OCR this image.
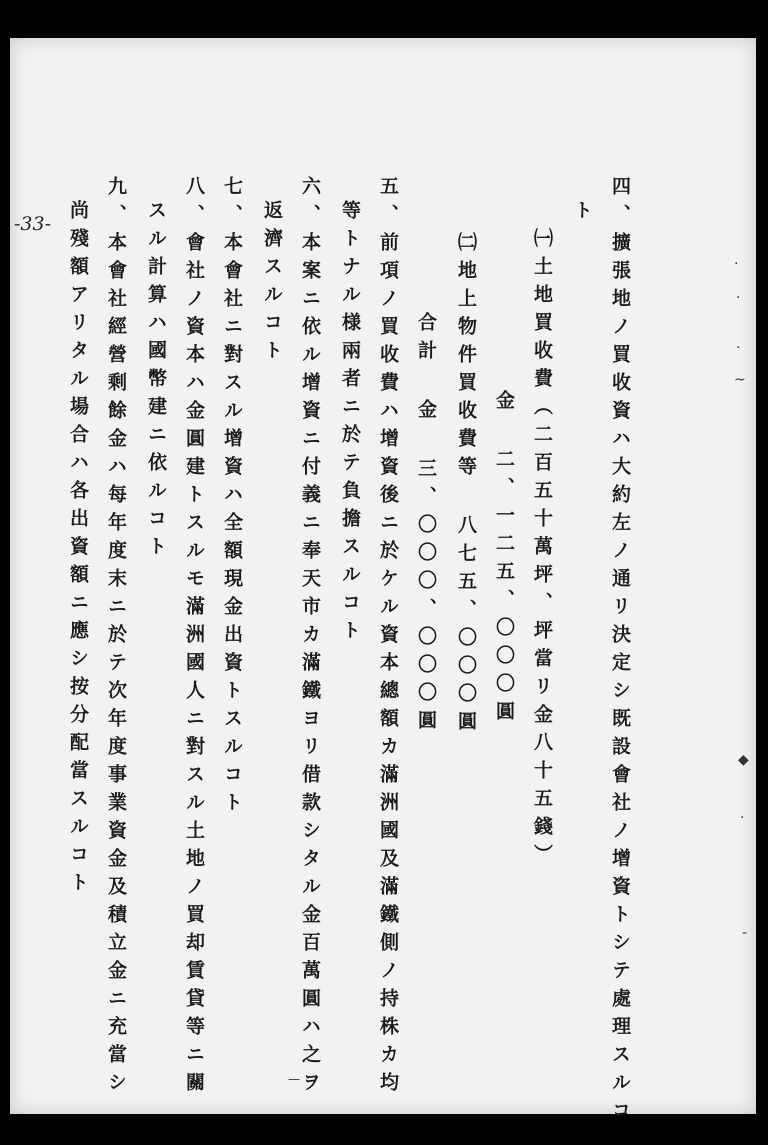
-33-	四、擴張地ノ買收資ハ大約左ノ通リ決定シ既設會社ノ增資トシテ處理スルコ
ト
㈠土地買收費（二百五十萬坪、坪當リ金八十五錢）
金 二、一二五、〇〇〇圓
㈡地上物件買收費等 八七五、〇〇〇圓
合計 金 三、〇〇〇、〇〇〇圓
五、前項ノ買收費ハ增資後ニ於ケル資本總額カ滿洲國及滿鐵側ノ持株カ均
等トナル様兩者ニ於テ負擔スルコト
六、本案ニ依ル增資ニ付義ニ奉天市カ滿鐵ヨリ借款シタル金百萬圓ハ之ヲ
返濟スルコト
七、本會社ニ對スル增資ハ全額現金出資トスルコト
八、會社ノ資本ハ金圓建トスルモ滿洲國人ニ對スル土地ノ買却賃貸等ニ關
スル計算ハ國幣建ニ依ルコト
九、本會社經營剩餘金ハ每年度末ニ於テ次年度事業資金及積立金ニ充當シ
尚殘額アリタル場合ハ各出資額ニ應シ按分配當スルコト	·
·
·
~
◆
·
-
—
